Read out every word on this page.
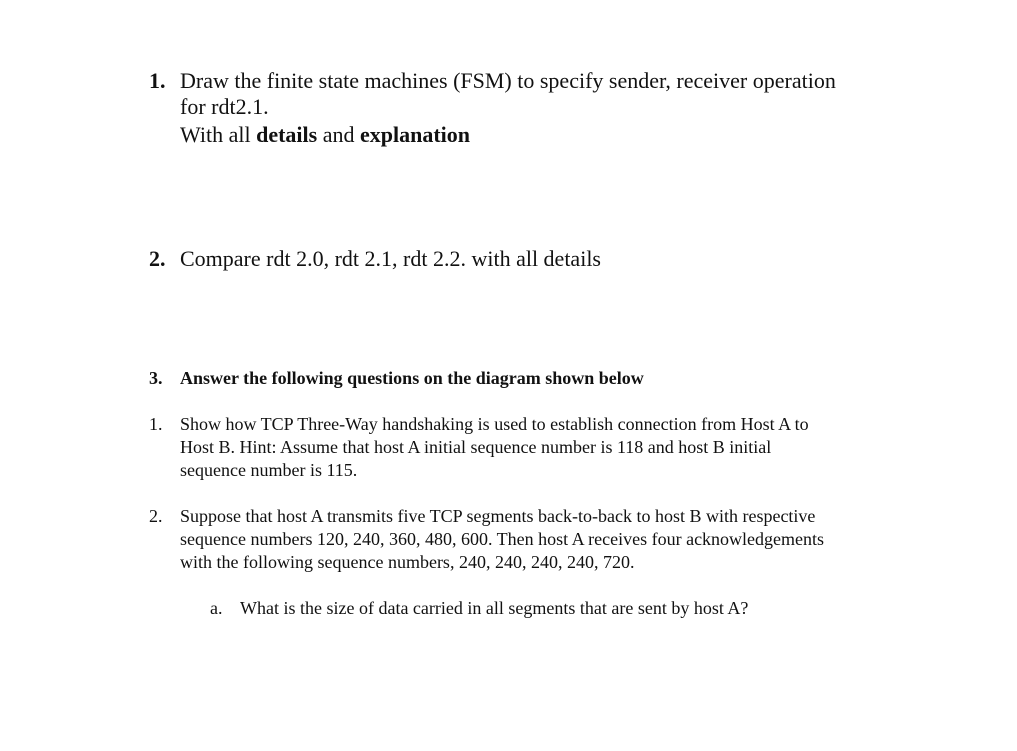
1. Draw the finite state machines (FSM) to specify sender, receiver operation
for rdt2.1.
With all details and explanation
2. Compare rdt 2.0, rdt 2.1, rdt 2.2. with all details
3. Answer the following questions on the diagram shown below
1. Show how TCP Three-Way handshaking is used to establish connection from Host A to
Host B. Hint: Assume that host A initial sequence number is 118 and host B initial
sequence number is 115.
2. Suppose that host A transmits five TCP segments back-to-back to host B with respective
sequence numbers 120, 240, 360, 480, 600. Then host A receives four acknowledgements
with the following sequence numbers, 240, 240, 240, 240, 720.
a. What is the size of data carried in all segments that are sent by host A?
